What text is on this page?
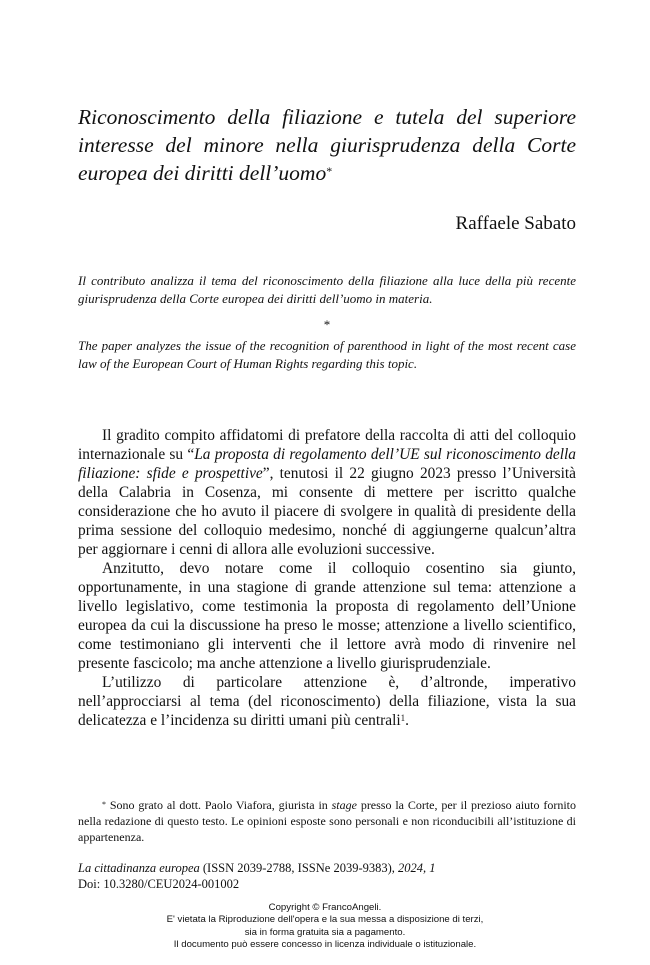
Riconoscimento della filiazione e tutela del superiore interesse del minore nella giurisprudenza della Corte europea dei diritti dell’uomo*
Raffaele Sabato
Il contributo analizza il tema del riconoscimento della filiazione alla luce della più recente giurisprudenza della Corte europea dei diritti dell’uomo in materia.
*
The paper analyzes the issue of the recognition of parenthood in light of the most recent case law of the European Court of Human Rights regarding this topic.

Il gradito compito affidatomi di prefatore della raccolta di atti del colloquio internazionale su “La proposta di regolamento dell’UE sul riconoscimento della filiazione: sfide e prospettive”, tenutosi il 22 giugno 2023 presso l’Università della Calabria in Cosenza, mi consente di mettere per iscritto qualche considerazione che ho avuto il piacere di svolgere in qualità di presidente della prima sessione del colloquio medesimo, nonché di aggiungerne qualcun’altra per aggiornare i cenni di allora alle evoluzioni successive.

Anzitutto, devo notare come il colloquio cosentino sia giunto, opportunamente, in una stagione di grande attenzione sul tema: attenzione a livello legislativo, come testimonia la proposta di regolamento dell’Unione europea da cui la discussione ha preso le mosse; attenzione a livello scientifico, come testimoniano gli interventi che il lettore avrà modo di rinvenire nel presente fascicolo; ma anche attenzione a livello giurisprudenziale.

L’utilizzo di particolare attenzione è, d’altronde, imperativo nell’approcciarsi al tema (del riconoscimento) della filiazione, vista la sua delicatezza e l’incidenza su diritti umani più centrali$^1$.

* Sono grato al dott. Paolo Viafora, giurista in stage presso la Corte, per il prezioso aiuto fornito nella redazione di questo testo. Le opinioni esposte sono personali e non riconducibili all’istituzione di appartenenza.
La cittadinanza europea (ISSN 2039-2788, ISSNe 2039-9383), 2024, 1
Doi: 10.3280/CEU2024-001002
Copyright © FrancoAngeli.
E' vietata la Riproduzione dell'opera e la sua messa a disposizione di terzi,
sia in forma gratuita sia a pagamento.
Il documento può essere concesso in licenza individuale o istituzionale.
